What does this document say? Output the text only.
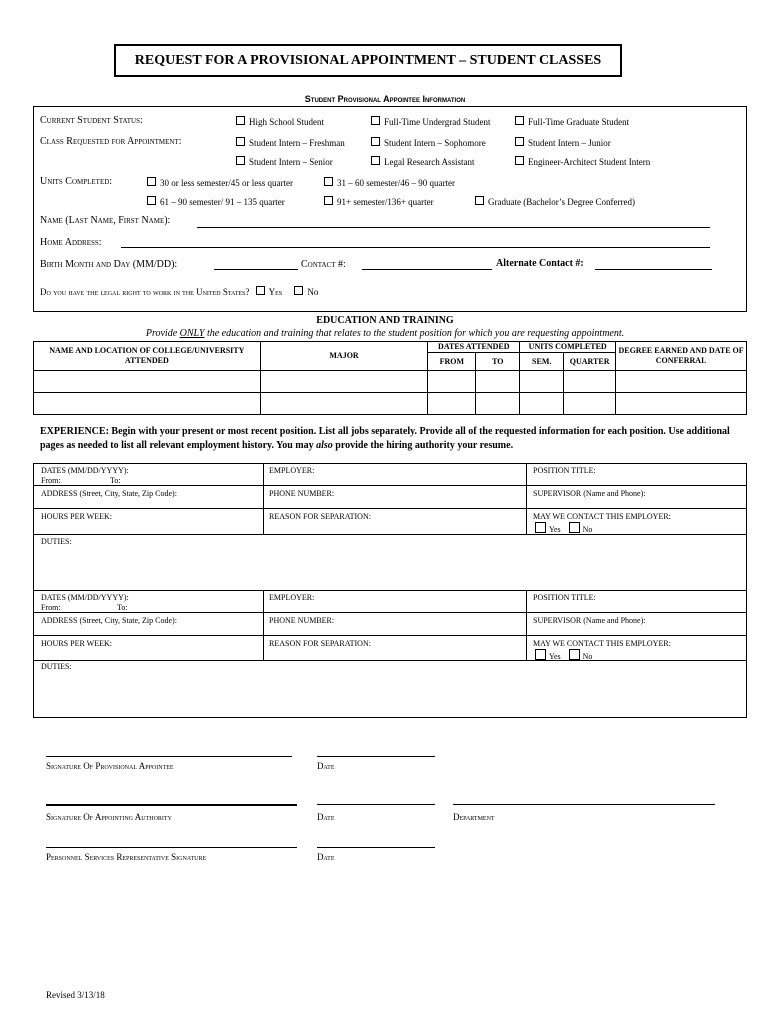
REQUEST FOR A PROVISIONAL APPOINTMENT – STUDENT CLASSES
Student Provisional Appointee Information
Current Student Status:	High School Student	Full-Time Undergrad Student	Full-Time Graduate Student
Class Requested for Appointment:	Student Intern – Freshman	Student Intern – Sophomore	Student Intern – Junior
Student Intern – Senior	Legal Research Assistant	Engineer-Architect Student Intern
Units Completed:	30 or less semester/45 or less quarter	31 – 60 semester/46 – 90 quarter
61 – 90 semester/ 91 – 135 quarter	91+ semester/136+ quarter	Graduate (Bachelor’s Degree Conferred)
Name (Last Name, First Name):
Home Address:
Birth Month and Day (MM/DD):	Contact #:	Alternate Contact #:
Do you have the legal right to work in the United States? Yes	No
EDUCATION AND TRAINING
Provide ONLY the education and training that relates to the student position for which you are requesting appointment.
NAME AND LOCATION OF COLLEGE/UNIVERSITY ATTENDED	MAJOR	DATES ATTENDED		UNITS COMPLETED		DEGREE EARNED AND DATE OF CONFERRAL

		FROM	TO	SEM.	QUARTER	

EXPERIENCE: Begin with your present or most recent position. List all jobs separately. Provide all of the requested information for each position. Use additional pages as needed to list all relevant employment history. You may also provide the hiring authority your resume.
DATES (MM/DD/YYYY):
From:	To:
EMPLOYER:	POSITION TITLE:
ADDRESS (Street, City, State, Zip Code):	PHONE NUMBER:	SUPERVISOR (Name and Phone):
HOURS PER WEEK:	REASON FOR SEPARATION:	MAY WE CONTACT THIS EMPLOYER:
Yes	No
DUTIES:
DATES (MM/DD/YYYY):
From:	To:
EMPLOYER:	POSITION TITLE:
ADDRESS (Street, City, State, Zip Code):	PHONE NUMBER:	SUPERVISOR (Name and Phone):
HOURS PER WEEK:	REASON FOR SEPARATION:	MAY WE CONTACT THIS EMPLOYER:
Yes	No
DUTIES:
Signature Of Provisional Appointee	Date
Signature Of Appointing Authority	Date	Department
Personnel Services Representative Signature	Date
Revised 3/13/18
